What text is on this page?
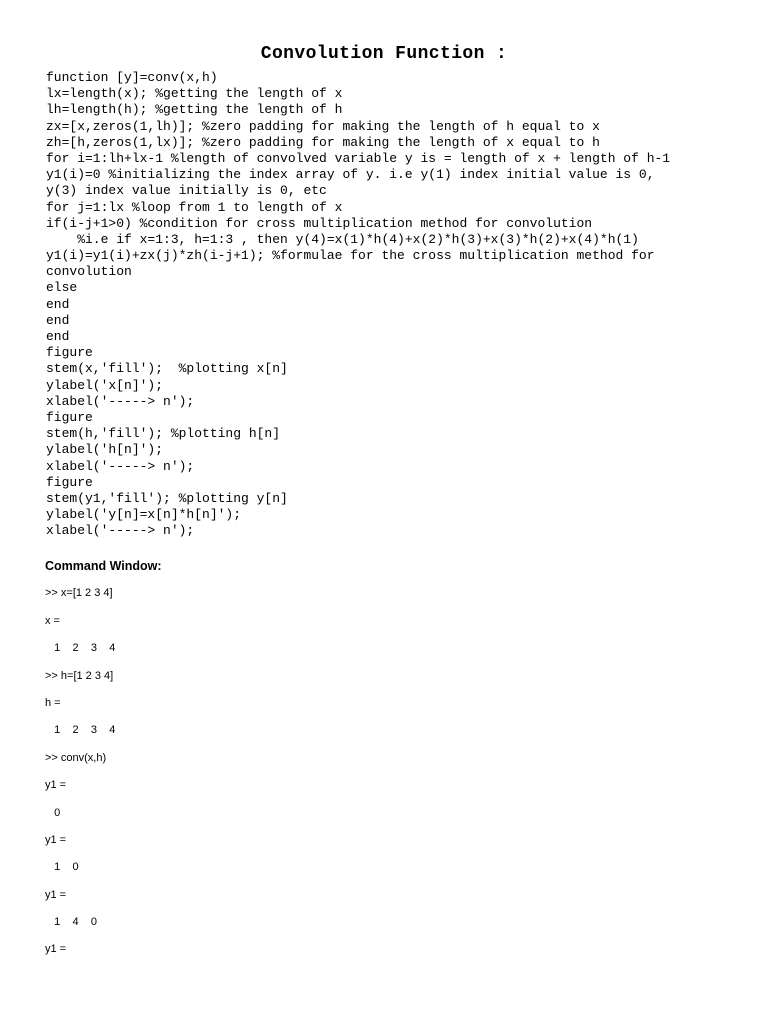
Convolution Function :
function [y]=conv(x,h)
lx=length(x); %getting the length of x
lh=length(h); %getting the length of h
zx=[x,zeros(1,lh)]; %zero padding for making the length of h equal to x
zh=[h,zeros(1,lx)]; %zero padding for making the length of x equal to h
for i=1:lh+lx-1 %length of convolved variable y is = length of x + length of h-1
y1(i)=0 %initializing the index array of y. i.e y(1) index initial value is 0,
y(3) index value initially is 0, etc
for j=1:lx %loop from 1 to length of x
if(i-j+1>0) %condition for cross multiplication method for convolution
%i.e if x=1:3, h=1:3 , then y(4)=x(1)*h(4)+x(2)*h(3)+x(3)*h(2)+x(4)*h(1)
y1(i)=y1(i)+zx(j)*zh(i-j+1); %formulae for the cross multiplication method for
convolution
else
end
end
end
figure
stem(x,'fill');  %plotting x[n]
ylabel('x[n]');
xlabel('-----> n');
figure
stem(h,'fill'); %plotting h[n]
ylabel('h[n]');
xlabel('-----> n');
figure
stem(y1,'fill'); %plotting y[n]
ylabel('y[n]=x[n]*h[n]');
xlabel('-----> n');
Command Window:
>> x=[1 2 3 4]
x =
1    2    3    4
>> h=[1 2 3 4]
h =
1    2    3    4
>> conv(x,h)
y1 =
0
y1 =
1    0
y1 =
1    4    0
y1 =
